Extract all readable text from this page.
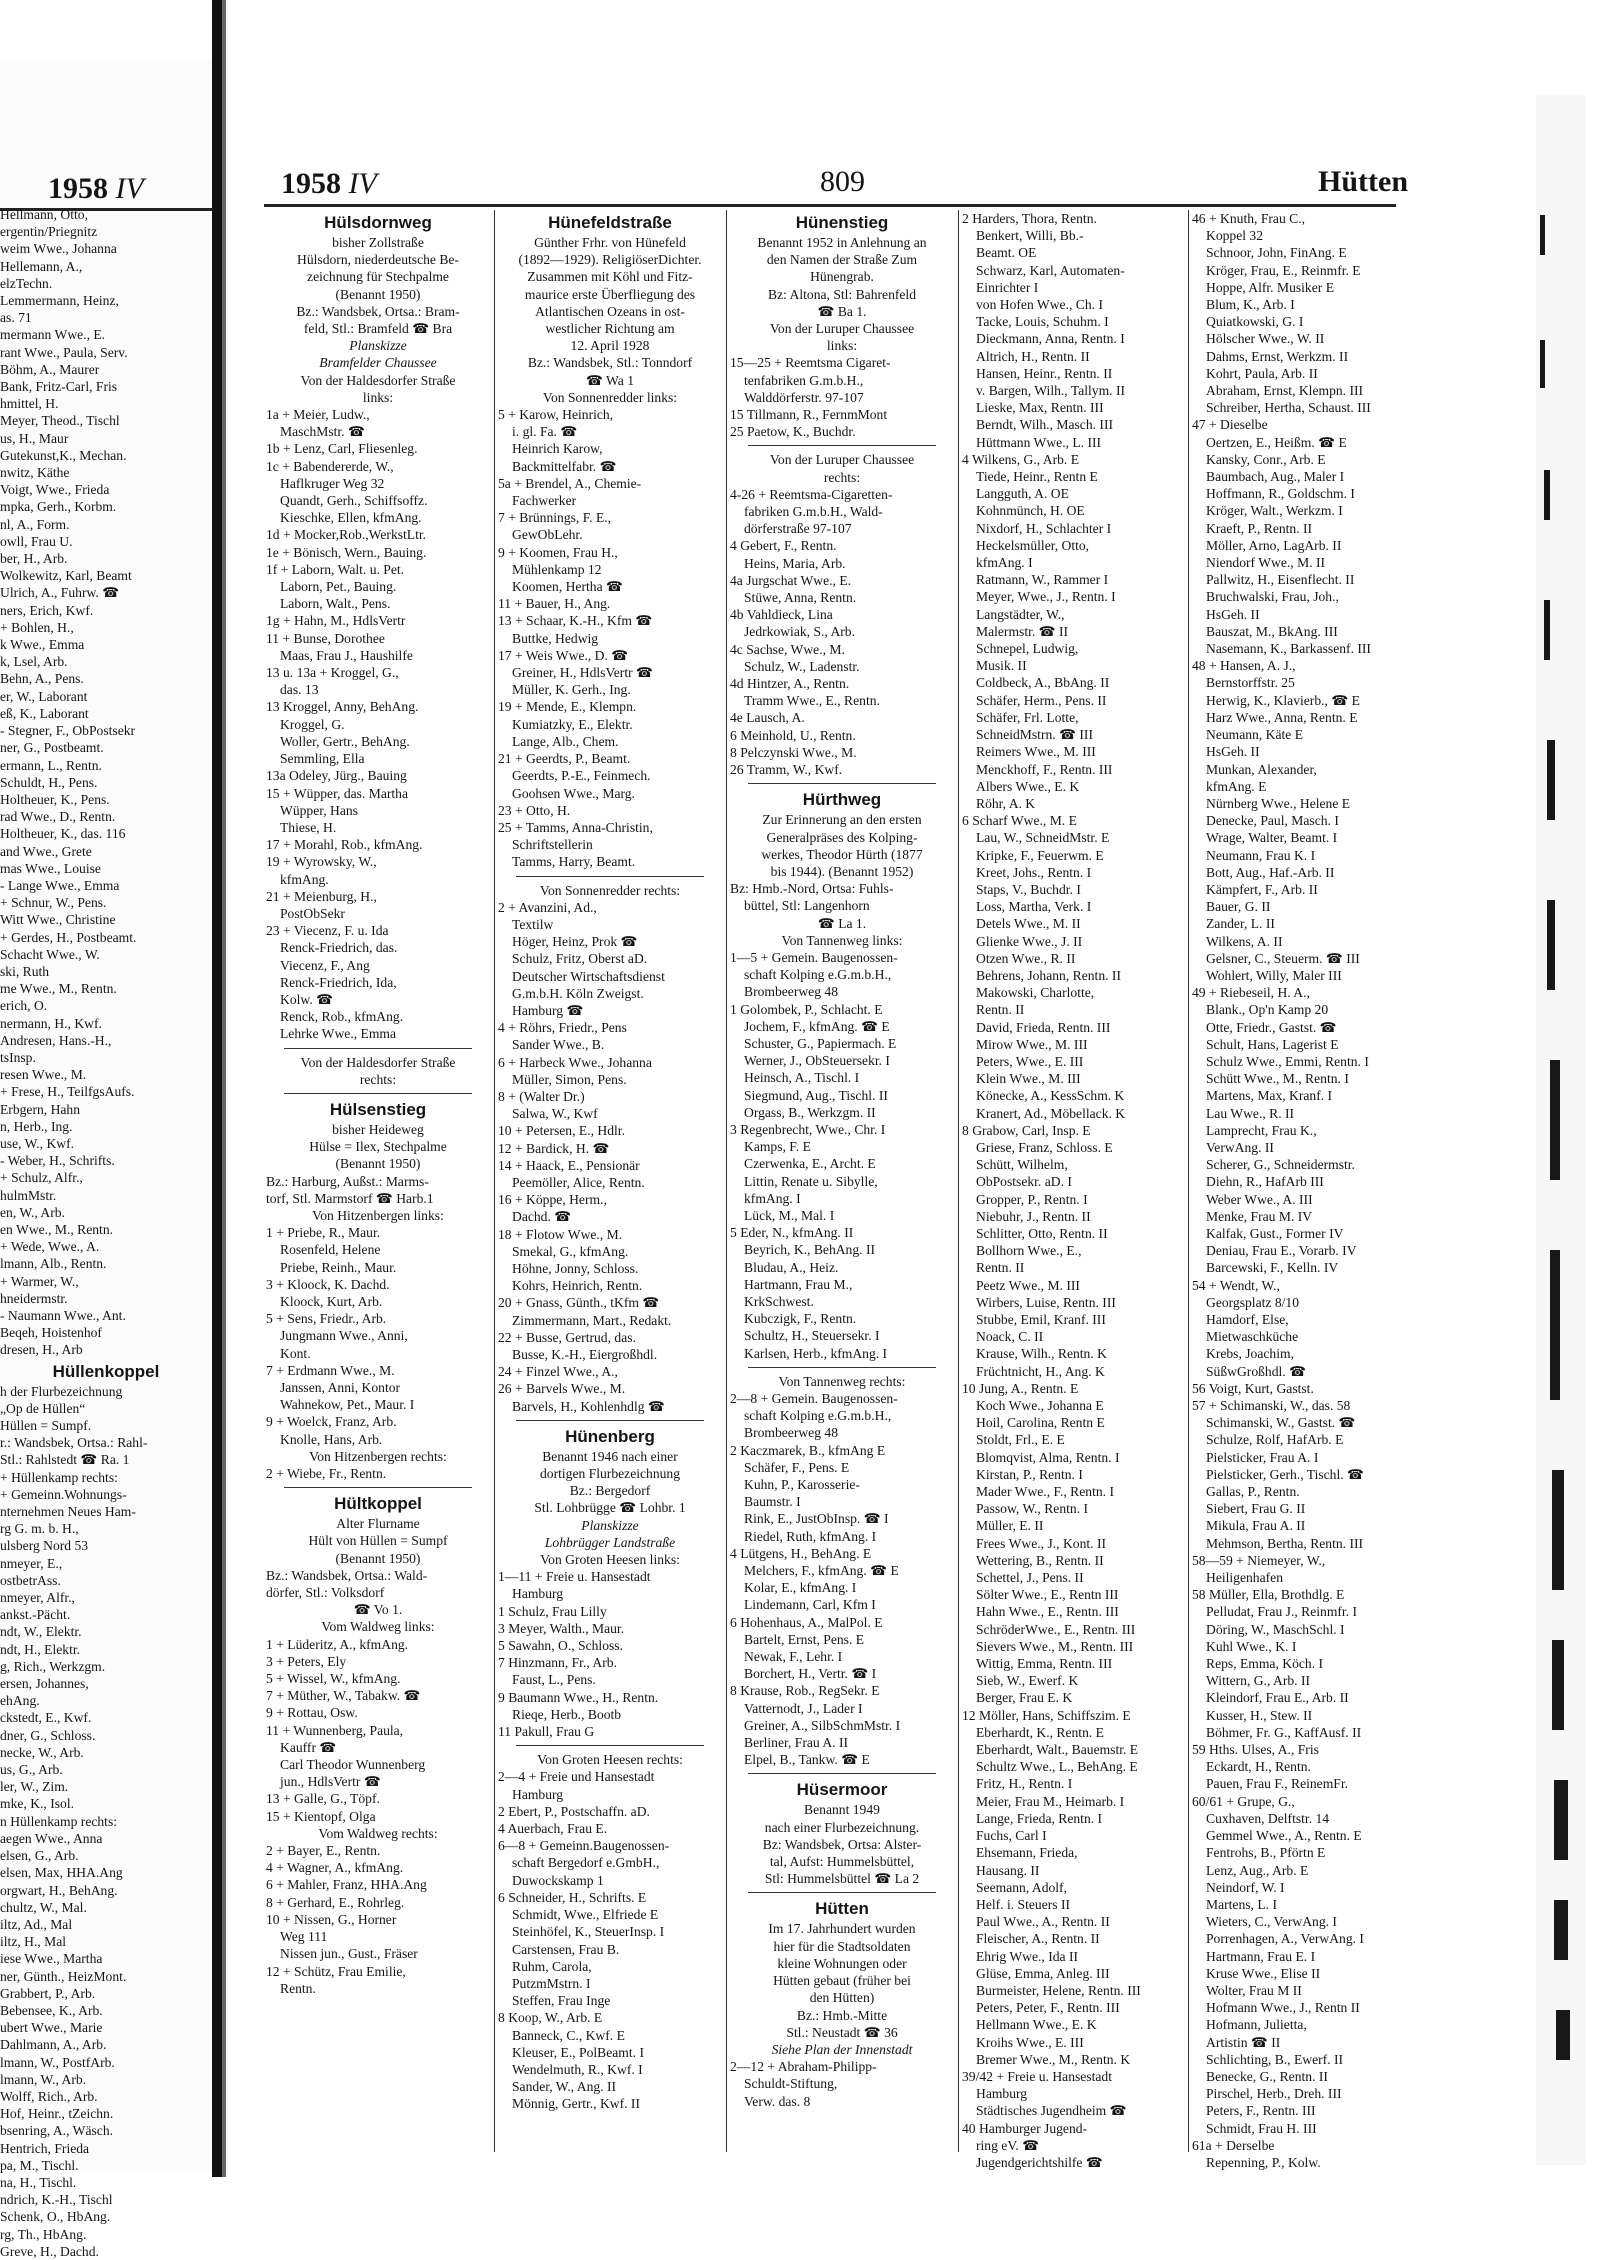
1958 IV
Hellmann, Otto,
ergentin/Priegnitz
weim Wwe., Johanna
Hellemann, A.,
elzTechn.
Lemmermann, Heinz,
as. 71
mermann Wwe., E.
rant Wwe., Paula, Serv.
Böhm, A., Maurer
Bank, Fritz-Carl, Fris
hmittel, H.
Meyer, Theod., Tischl
us, H., Maur
Gutekunst,K., Mechan.
nwitz, Käthe
Voigt, Wwe., Frieda
mpka, Gerh., Korbm.
nl, A., Form.
owll, Frau U.
ber, H., Arb.
Wolkewitz, Karl, Beamt
Ulrich, A., Fuhrw. ☎
ners, Erich, Kwf.
+ Bohlen, H.,
k Wwe., Emma
k, Lsel, Arb.
Behn, A., Pens.
er, W., Laborant
eß, K., Laborant
- Stegner, F., ObPostsekr
ner, G., Postbeamt.
ermann, L., Rentn.
Schuldt, H., Pens.
Holtheuer, K., Pens.
rad Wwe., D., Rentn.
Holtheuer, K., das. 116
and Wwe., Grete
mas Wwe., Louise
- Lange Wwe., Emma
+ Schnur, W., Pens.
Witt Wwe., Christine
+ Gerdes, H., Postbeamt.
Schacht Wwe., W.
ski, Ruth
me Wwe., M., Rentn.
erich, O.
nermann, H., Kwf.
Andresen, Hans.-H.,
tsInsp.
resen Wwe., M.
+ Frese, H., TeilfgsAufs.
Erbgern, Hahn
n, Herb., Ing.
use, W., Kwf.
- Weber, H., Schrifts.
+ Schulz, Alfr.,
hulmMstr.
en, W., Arb.
en Wwe., M., Rentn.
+ Wede, Wwe., A.
lmann, Alb., Rentn.
+ Warmer, W.,
hneidermstr.
- Naumann Wwe., Ant.
Beqeh, Hoistenhof
dresen, H., Arb
Hüllenkoppel
h der Flurbezeichnung
„Op de Hüllen“
Hüllen = Sumpf.
r.: Wandsbek, Ortsa.: Rahl-
Stl.: Rahlstedt ☎ Ra. 1
+ Hüllenkamp rechts:
+ Gemeinn.Wohnungs-
nternehmen Neues Ham-
rg G. m. b. H.,
ulsberg Nord 53
nmeyer, E.,
ostbetrAss.
nmeyer, Alfr.,
ankst.-Pächt.
ndt, W., Elektr.
ndt, H., Elektr.
g, Rich., Werkzgm.
ersen, Johannes,
ehAng.
ckstedt, E., Kwf.
dner, G., Schloss.
necke, W., Arb.
us, G., Arb.
ler, W., Zim.
mke, K., Isol.
n Hüllenkamp rechts:
aegen Wwe., Anna
elsen, G., Arb.
elsen, Max, HHA.Ang
orgwart, H., BehAng.
chultz, W., Mal.
iltz, Ad., Mal
iltz, H., Mal
iese Wwe., Martha
ner, Günth., HeizMont.
Grabbert, P., Arb.
Bebensee, K., Arb.
ubert Wwe., Marie
Dahlmann, A., Arb.
lmann, W., PostfArb.
lmann, W., Arb.
Wolff, Rich., Arb.
Hof, Heinr., tZeichn.
bsenring, A., Wäsch.
Hentrich, Frieda
pa, M., Tischl.
na, H., Tischl.
ndrich, K.-H., Tischl
Schenk, O., HbAng.
rg, Th., HbAng.
Greve, H., Dachd.
1958 IV	809	Hütten
Hülsdornweg
bisher Zollstraße
Hülsdorn, niederdeutsche Be-
zeichnung für Stechpalme
(Benannt 1950)
Bz.: Wandsbek, Ortsa.: Bram-
feld, Stl.: Bramfeld ☎ Bra
Planskizze
Bramfelder Chaussee
Von der Haldesdorfer Straße
links:
1a + Meier, Ludw.,
MaschMstr. ☎
1b + Lenz, Carl, Fliesenleg.
1c + Babendererde, W.,
Haflkruger Weg 32
Quandt, Gerh., Schiffsoffz.
Kieschke, Ellen, kfmAng.
1d + Mocker,Rob.,WerkstLtr.
1e + Bönisch, Wern., Bauing.
1f + Laborn, Walt. u. Pet.
Laborn, Pet., Bauing.
Laborn, Walt., Pens.
1g + Hahn, M., HdlsVertr
11 + Bunse, Dorothee
Maas, Frau J., Haushilfe
13 u. 13a + Kroggel, G.,
das. 13
13 Kroggel, Anny, BehAng.
Kroggel, G.
Woller, Gertr., BehAng.
Semmling, Ella
13a Odeley, Jürg., Bauing
15 + Wüpper, das. Martha
Wüpper, Hans
Thiese, H.
17 + Morahl, Rob., kfmAng.
19 + Wyrowsky, W.,
kfmAng.
21 + Meienburg, H.,
PostObSekr
23 + Viecenz, F. u. Ida
Renck-Friedrich, das.
Viecenz, F., Ang
Renck-Friedrich, Ida,
Kolw. ☎
Renck, Rob., kfmAng.
Lehrke Wwe., Emma
Von der Haldesdorfer Straße
rechts:
Hülsenstieg
bisher Heideweg
Hülse = Ilex, Stechpalme
(Benannt 1950)
Bz.: Harburg, Außst.: Marms-
torf, Stl. Marmstorf ☎ Harb.1
Von Hitzenbergen links:
1 + Priebe, R., Maur.
Rosenfeld, Helene
Priebe, Reinh., Maur.
3 + Kloock, K. Dachd.
Kloock, Kurt, Arb.
5 + Sens, Friedr., Arb.
Jungmann Wwe., Anni,
Kont.
7 + Erdmann Wwe., M.
Janssen, Anni, Kontor
Wahnekow, Pet., Maur. I
9 + Woelck, Franz, Arb.
Knolle, Hans, Arb.
Von Hitzenbergen rechts:
2 + Wiebe, Fr., Rentn.
Hültkoppel
Alter Flurname
Hült von Hüllen = Sumpf
(Benannt 1950)
Bz.: Wandsbek, Ortsa.: Wald-
dörfer, Stl.: Volksdorf
☎ Vo 1.
Vom Waldweg links:
1 + Lüderitz, A., kfmAng.
3 + Peters, Ely
5 + Wissel, W., kfmAng.
7 + Müther, W., Tabakw. ☎
9 + Rottau, Osw.
11 + Wunnenberg, Paula,
Kauffr ☎
Carl Theodor Wunnenberg
jun., HdlsVertr ☎
13 + Galle, G., Töpf.
15 + Kientopf, Olga
Vom Waldweg rechts:
2 + Bayer, E., Rentn.
4 + Wagner, A., kfmAng.
6 + Mahler, Franz, HHA.Ang
8 + Gerhard, E., Rohrleg.
10 + Nissen, G., Horner
Weg 111
Nissen jun., Gust., Fräser
12 + Schütz, Frau Emilie,
Rentn.
Hünefeldstraße
Günther Frhr. von Hünefeld
(1892—1929). ReligiöserDichter.
Zusammen mit Köhl und Fitz-
maurice erste Überfliegung des
Atlantischen Ozeans in ost-
westlicher Richtung am
12. April 1928
Bz.: Wandsbek, Stl.: Tonndorf
☎ Wa 1
Von Sonnenredder links:
5 + Karow, Heinrich,
i. gl. Fa. ☎
Heinrich Karow,
Backmittelfabr. ☎
5a + Brendel, A., Chemie-
Fachwerker
7 + Brünnings, F. E.,
GewObLehr.
9 + Koomen, Frau H.,
Mühlenkamp 12
Koomen, Hertha ☎
11 + Bauer, H., Ang.
13 + Schaar, K.-H., Kfm ☎
Buttke, Hedwig
17 + Weis Wwe., D. ☎
Greiner, H., HdlsVertr ☎
Müller, K. Gerh., Ing.
19 + Mende, E., Klempn.
Kumiatzky, E., Elektr.
Lange, Alb., Chem.
21 + Geerdts, P., Beamt.
Geerdts, P.-E., Feinmech.
Goohsen Wwe., Marg.
23 + Otto, H.
25 + Tamms, Anna-Christin,
Schriftstellerin
Tamms, Harry, Beamt.
Von Sonnenredder rechts:
2 + Avanzini, Ad.,
Textilw
Höger, Heinz, Prok ☎
Schulz, Fritz, Oberst aD.
Deutscher Wirtschaftsdienst
G.m.b.H. Köln Zweigst.
Hamburg ☎
4 + Röhrs, Friedr., Pens
Sander Wwe., B.
6 + Harbeck Wwe., Johanna
Müller, Simon, Pens.
8 + (Walter Dr.)
Salwa, W., Kwf
10 + Petersen, E., Hdlr.
12 + Bardick, H. ☎
14 + Haack, E., Pensionär
Peemöller, Alice, Rentn.
16 + Köppe, Herm.,
Dachd. ☎
18 + Flotow Wwe., M.
Smekal, G., kfmAng.
Höhne, Jonny, Schloss.
Kohrs, Heinrich, Rentn.
20 + Gnass, Günth., tKfm ☎
Zimmermann, Mart., Redakt.
22 + Busse, Gertrud, das.
Busse, K.-H., Eiergroßhdl.
24 + Finzel Wwe., A.,
26 + Barvels Wwe., M.
Barvels, H., Kohlenhdlg ☎
Hünenberg
Benannt 1946 nach einer
dortigen Flurbezeichnung
Bz.: Bergedorf
Stl. Lohbrügge ☎ Lohbr. 1
Planskizze
Lohbrügger Landstraße
Von Groten Heesen links:
1—11 + Freie u. Hansestadt
Hamburg
1 Schulz, Frau Lilly
3 Meyer, Walth., Maur.
5 Sawahn, O., Schloss.
7 Hinzmann, Fr., Arb.
Faust, L., Pens.
9 Baumann Wwe., H., Rentn.
Rieqe, Herb., Bootb
11 Pakull, Frau G
Von Groten Heesen rechts:
2—4 + Freie und Hansestadt
Hamburg
2 Ebert, P., Postschaffn. aD.
4 Auerbach, Frau E.
6—8 + Gemeinn.Baugenossen-
schaft Bergedorf e.GmbH.,
Duwockskamp 1
6 Schneider, H., Schrifts. E
Schmidt, Wwe., Elfriede E
Steinhöfel, K., SteuerInsp. I
Carstensen, Frau B.
Ruhm, Carola,
PutzmMstrn. I
Steffen, Frau Inge
8 Koop, W., Arb. E
Banneck, C., Kwf. E
Kleuser, E., PolBeamt. I
Wendelmuth, R., Kwf. I
Sander, W., Ang. II
Mönnig, Gertr., Kwf. II
Hünenstieg
Benannt 1952 in Anlehnung an
den Namen der Straße Zum
Hünengrab.
Bz: Altona, Stl: Bahrenfeld
☎ Ba 1.
Von der Luruper Chaussee
links:
15—25 + Reemtsma Cigaret-
tenfabriken G.m.b.H.,
Walddörferstr. 97-107
15 Tillmann, R., FernmMont
25 Paetow, K., Buchdr.
Von der Luruper Chaussee
rechts:
4-26 + Reemtsma-Cigaretten-
fabriken G.m.b.H., Wald-
dörferstraße 97-107
4 Gebert, F., Rentn.
Heins, Maria, Arb.
4a Jurgschat Wwe., E.
Stüwe, Anna, Rentn.
4b Vahldieck, Lina
Jedrkowiak, S., Arb.
4c Sachse, Wwe., M.
Schulz, W., Ladenstr.
4d Hintzer, A., Rentn.
Tramm Wwe., E., Rentn.
4e Lausch, A.
6 Meinhold, U., Rentn.
8 Pelczynski Wwe., M.
26 Tramm, W., Kwf.
Hürthweg
Zur Erinnerung an den ersten
Generalpräses des Kolping-
werkes, Theodor Hürth (1877
bis 1944). (Benannt 1952)
Bz: Hmb.-Nord, Ortsa: Fuhls-
büttel, Stl: Langenhorn
☎ La 1.
Von Tannenweg links:
1—5 + Gemein. Baugenossen-
schaft Kolping e.G.m.b.H.,
Brombeerweg 48
1 Golombek, P., Schlacht. E
Jochem, F., kfmAng. ☎ E
Schuster, G., Papiermach. E
Werner, J., ObSteuersekr. I
Heinsch, A., Tischl. I
Siegmund, Aug., Tischl. II
Orgass, B., Werkzgm. II
3 Regenbrecht, Wwe., Chr. I
Kamps, F. E
Czerwenka, E., Archt. E
Littin, Renate u. Sibylle,
kfmAng. I
Lück, M., Mal. I
5 Eder, N., kfmAng. II
Beyrich, K., BehAng. II
Bludau, A., Heiz.
Hartmann, Frau M.,
KrkSchwest.
Kubczigk, F., Rentn.
Schultz, H., Steuersekr. I
Karlsen, Herb., kfmAng. I
Von Tannenweg rechts:
2—8 + Gemein. Baugenossen-
schaft Kolping e.G.m.b.H.,
Brombeerweg 48
2 Kaczmarek, B., kfmAng E
Schäfer, F., Pens. E
Kuhn, P., Karosserie-
Baumstr. I
Rink, E., JustObInsp. ☎ I
Riedel, Ruth, kfmAng. I
4 Lütgens, H., BehAng. E
Melchers, F., kfmAng. ☎ E
Kolar, E., kfmAng. I
Lindemann, Carl, Kfm I
6 Hohenhaus, A., MalPol. E
Bartelt, Ernst, Pens. E
Newak, F., Lehr. I
Borchert, H., Vertr. ☎ I
8 Krause, Rob., RegSekr. E
Vatternodt, J., Lader I
Greiner, A., SilbSchmMstr. I
Berliner, Frau A. II
Elpel, B., Tankw. ☎ E
Hüsermoor
Benannt 1949
nach einer Flurbezeichnung.
Bz: Wandsbek, Ortsa: Alster-
tal, Aufst: Hummelsbüttel,
Stl: Hummelsbüttel ☎ La 2
Hütten
Im 17. Jahrhundert wurden
hier für die Stadtsoldaten
kleine Wohnungen oder
Hütten gebaut (früher bei
den Hütten)
Bz.: Hmb.-Mitte
Stl.: Neustadt ☎ 36
Siehe Plan der Innenstadt
2—12 + Abraham-Philipp-
Schuldt-Stiftung,
Verw. das. 8
2 Harders, Thora, Rentn.
Benkert, Willi, Bb.-
Beamt. OE
Schwarz, Karl, Automaten-
Einrichter I
von Hofen Wwe., Ch. I
Tacke, Louis, Schuhm. I
Dieckmann, Anna, Rentn. I
Altrich, H., Rentn. II
Hansen, Heinr., Rentn. II
v. Bargen, Wilh., Tallym. II
Lieske, Max, Rentn. III
Berndt, Wilh., Masch. III
Hüttmann Wwe., L. III
4 Wilkens, G., Arb. E
Tiede, Heinr., Rentn E
Langguth, A. OE
Kohnmünch, H. OE
Nixdorf, H., Schlachter I
Heckelsmüller, Otto,
kfmAng. I
Ratmann, W., Rammer I
Meyer, Wwe., J., Rentn. I
Langstädter, W.,
Malermstr. ☎ II
Schnepel, Ludwig,
Musik. II
Coldbeck, A., BbAng. II
Schäfer, Herm., Pens. II
Schäfer, Frl. Lotte,
SchneidMstrn. ☎ III
Reimers Wwe., M. III
Menckhoff, F., Rentn. III
Albers Wwe., E. K
Röhr, A. K
6 Scharf Wwe., M. E
Lau, W., SchneidMstr. E
Kripke, F., Feuerwm. E
Kreet, Johs., Rentn. I
Staps, V., Buchdr. I
Loss, Martha, Verk. I
Detels Wwe., M. II
Glienke Wwe., J. II
Otzen Wwe., R. II
Behrens, Johann, Rentn. II
Makowski, Charlotte,
Rentn. II
David, Frieda, Rentn. III
Mirow Wwe., M. III
Peters, Wwe., E. III
Klein Wwe., M. III
Könecke, A., KessSchm. K
Kranert, Ad., Möbellack. K
8 Grabow, Carl, Insp. E
Griese, Franz, Schloss. E
Schütt, Wilhelm,
ObPostsekr. aD. I
Gropper, P., Rentn. I
Niebuhr, J., Rentn. II
Schlitter, Otto, Rentn. II
Bollhorn Wwe., E.,
Rentn. II
Peetz Wwe., M. III
Wirbers, Luise, Rentn. III
Stubbe, Emil, Kranf. III
Noack, C. II
Krause, Wilh., Rentn. K
Früchtnicht, H., Ang. K
10 Jung, A., Rentn. E
Koch Wwe., Johanna E
Hoil, Carolina, Rentn E
Stoldt, Frl., E. E
Blomqvist, Alma, Rentn. I
Kirstan, P., Rentn. I
Mader Wwe., F., Rentn. I
Passow, W., Rentn. I
Müller, E. II
Frees Wwe., J., Kont. II
Wettering, B., Rentn. II
Schettel, J., Pens. II
Sölter Wwe., E., Rentn III
Hahn Wwe., E., Rentn. III
SchröderWwe., E., Rentn. III
Sievers Wwe., M., Rentn. III
Wittig, Emma, Rentn. III
Sieb, W., Ewerf. K
Berger, Frau E. K
12 Möller, Hans, Schiffszim. E
Eberhardt, K., Rentn. E
Eberhardt, Walt., Bauemstr. E
Schultz Wwe., L., BehAng. E
Fritz, H., Rentn. I
Meier, Frau M., Heimarb. I
Lange, Frieda, Rentn. I
Fuchs, Carl I
Ehsemann, Frieda,
Hausang. II
Seemann, Adolf,
Helf. i. Steuers II
Paul Wwe., A., Rentn. II
Fleischer, A., Rentn. II
Ehrig Wwe., Ida II
Glüse, Emma, Anleg. III
Burmeister, Helene, Rentn. III
Peters, Peter, F., Rentn. III
Hellmann Wwe., E. K
Kroihs Wwe., E. III
Bremer Wwe., M., Rentn. K
39/42 + Freie u. Hansestadt
Hamburg
Städtisches Jugendheim ☎
40 Hamburger Jugend-
ring eV. ☎
Jugendgerichtshilfe ☎
46 + Knuth, Frau C.,
Koppel 32
Schnoor, John, FinAng. E
Kröger, Frau, E., Reinmfr. E
Hoppe, Alfr. Musiker E
Blum, K., Arb. I
Quiatkowski, G. I
Hölscher Wwe., W. II
Dahms, Ernst, Werkzm. II
Kohrt, Paula, Arb. II
Abraham, Ernst, Klempn. III
Schreiber, Hertha, Schaust. III
47 + Dieselbe
Oertzen, E., Heißm. ☎ E
Kansky, Conr., Arb. E
Baumbach, Aug., Maler I
Hoffmann, R., Goldschm. I
Kröger, Walt., Werkzm. I
Kraeft, P., Rentn. II
Möller, Arno, LagArb. II
Niendorf Wwe., M. II
Pallwitz, H., Eisenflecht. II
Bruchwalski, Frau, Joh.,
HsGeh. II
Bauszat, M., BkAng. III
Nasemann, K., Barkassenf. III
48 + Hansen, A. J.,
Bernstorffstr. 25
Herwig, K., Klavierb., ☎ E
Harz Wwe., Anna, Rentn. E
Neumann, Käte E
HsGeh. II
Munkan, Alexander,
kfmAng. E
Nürnberg Wwe., Helene E
Denecke, Paul, Masch. I
Wrage, Walter, Beamt. I
Neumann, Frau K. I
Bott, Aug., Haf.-Arb. II
Kämpfert, F., Arb. II
Bauer, G. II
Zander, L. II
Wilkens, A. II
Gelsner, C., Steuerm. ☎ III
Wohlert, Willy, Maler III
49 + Riebeseil, H. A.,
Blank., Op'n Kamp 20
Otte, Friedr., Gastst. ☎
Schult, Hans, Lagerist E
Schulz Wwe., Emmi, Rentn. I
Schütt Wwe., M., Rentn. I
Martens, Max, Kranf. I
Lau Wwe., R. II
Lamprecht, Frau K.,
VerwAng. II
Scherer, G., Schneidermstr.
Diehn, R., HafArb III
Weber Wwe., A. III
Menke, Frau M. IV
Kalfak, Gust., Former IV
Deniau, Frau E., Vorarb. IV
Barcewski, F., Kelln. IV
54 + Wendt, W.,
Georgsplatz 8/10
Hamdorf, Else,
Mietwaschküche
Krebs, Joachim,
SüßwGroßhdl. ☎
56 Voigt, Kurt, Gastst.
57 + Schimanski, W., das. 58
Schimanski, W., Gastst. ☎
Schulze, Rolf, HafArb. E
Pielsticker, Frau A. I
Pielsticker, Gerh., Tischl. ☎
Gallas, P., Rentn.
Siebert, Frau G. II
Mikula, Frau A. II
Mehmson, Bertha, Rentn. III
58—59 + Niemeyer, W.,
Heiligenhafen
58 Müller, Ella, Brothdlg. E
Pelludat, Frau J., Reinmfr. I
Döring, W., MaschSchl. I
Kuhl Wwe., K. I
Reps, Emma, Köch. I
Wittern, G., Arb. II
Kleindorf, Frau E., Arb. II
Kusser, H., Stew. II
Böhmer, Fr. G., KaffAusf. II
59 Hths. Ulses, A., Fris
Eckardt, H., Rentn.
Pauen, Frau F., ReinemFr.
60/61 + Grupe, G.,
Cuxhaven, Delftstr. 14
Gemmel Wwe., A., Rentn. E
Fentrohs, B., Pförtn E
Lenz, Aug., Arb. E
Neindorf, W. I
Martens, L. I
Wieters, C., VerwAng. I
Porrenhagen, A., VerwAng. I
Hartmann, Frau E. I
Kruse Wwe., Elise II
Wolter, Frau M II
Hofmann Wwe., J., Rentn II
Hofmann, Julietta,
Artistin ☎ II
Schlichting, B., Ewerf. II
Benecke, G., Rentn. II
Pirschel, Herb., Dreh. III
Peters, F., Rentn. III
Schmidt, Frau H. III
61a + Derselbe
Repenning, P., Kolw.
